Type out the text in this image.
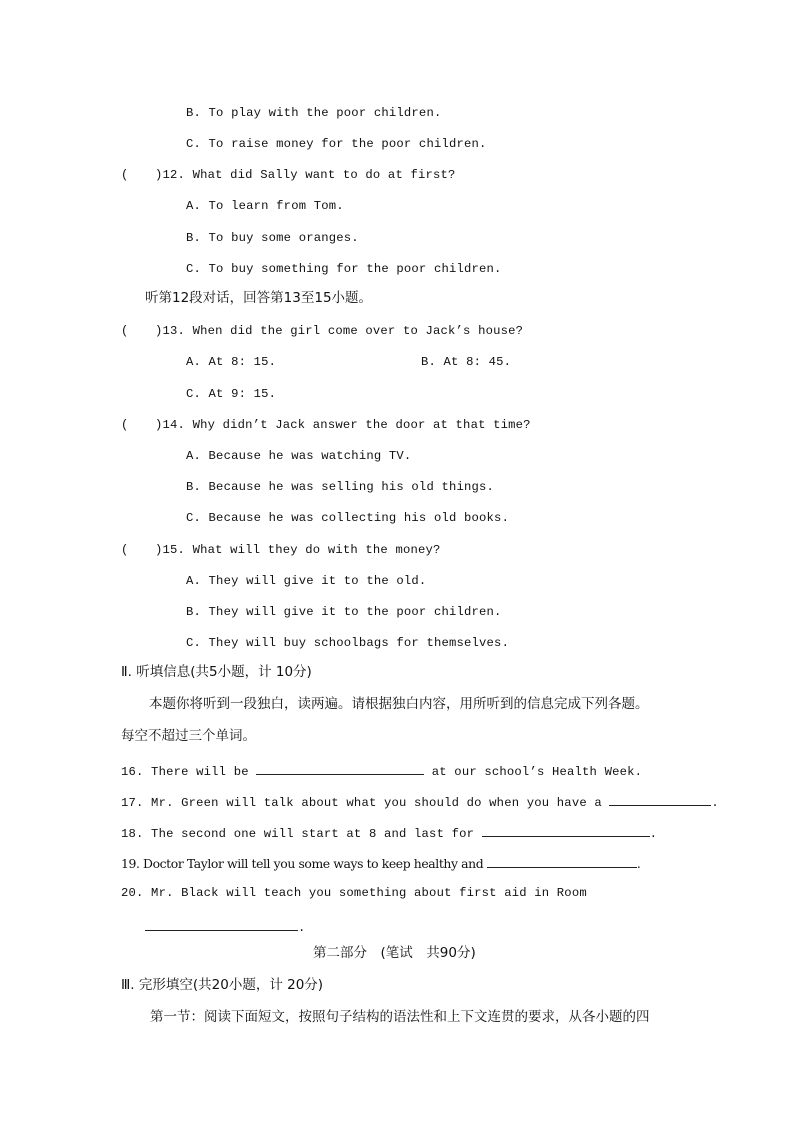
B. To play with the poor children.
C. To raise money for the poor children.
( )12. What did Sally want to do at first?
A. To learn from Tom.
B. To buy some oranges.
C. To buy something for the poor children.
听第12段对话，回答第13至15小题。
( )13. When did the girl come over to Jack’s house?
A. At 8: 15.	B. At 8: 45.
C. At 9: 15.
( )14. Why didn’t Jack answer the door at that time?
A. Because he was watching TV.
B. Because he was selling his old things.
C. Because he was collecting his old books.
( )15. What will they do with the money?
A. They will give it to the old.
B. They will give it to the poor children.
C. They will buy schoolbags for themselves.
Ⅱ. 听填信息(共5小题，计 10分)
本题你将听到一段独白，读两遍。请根据独白内容，用所听到的信息完成下列各题。
每空不超过三个单词。
16. There will be	at our school’s Health Week.
17. Mr. Green will talk about what you should do when you have a	.
18. The second one will start at 8 and last for	.
19. Doctor Taylor will tell you some ways to keep healthy and	.
20. Mr. Black will teach you something about first aid in Room
.
第二部分　(笔试　共90分)
Ⅲ. 完形填空(共20小题，计 20分)
第一节：阅读下面短文，按照句子结构的语法性和上下文连贯的要求，从各小题的四
